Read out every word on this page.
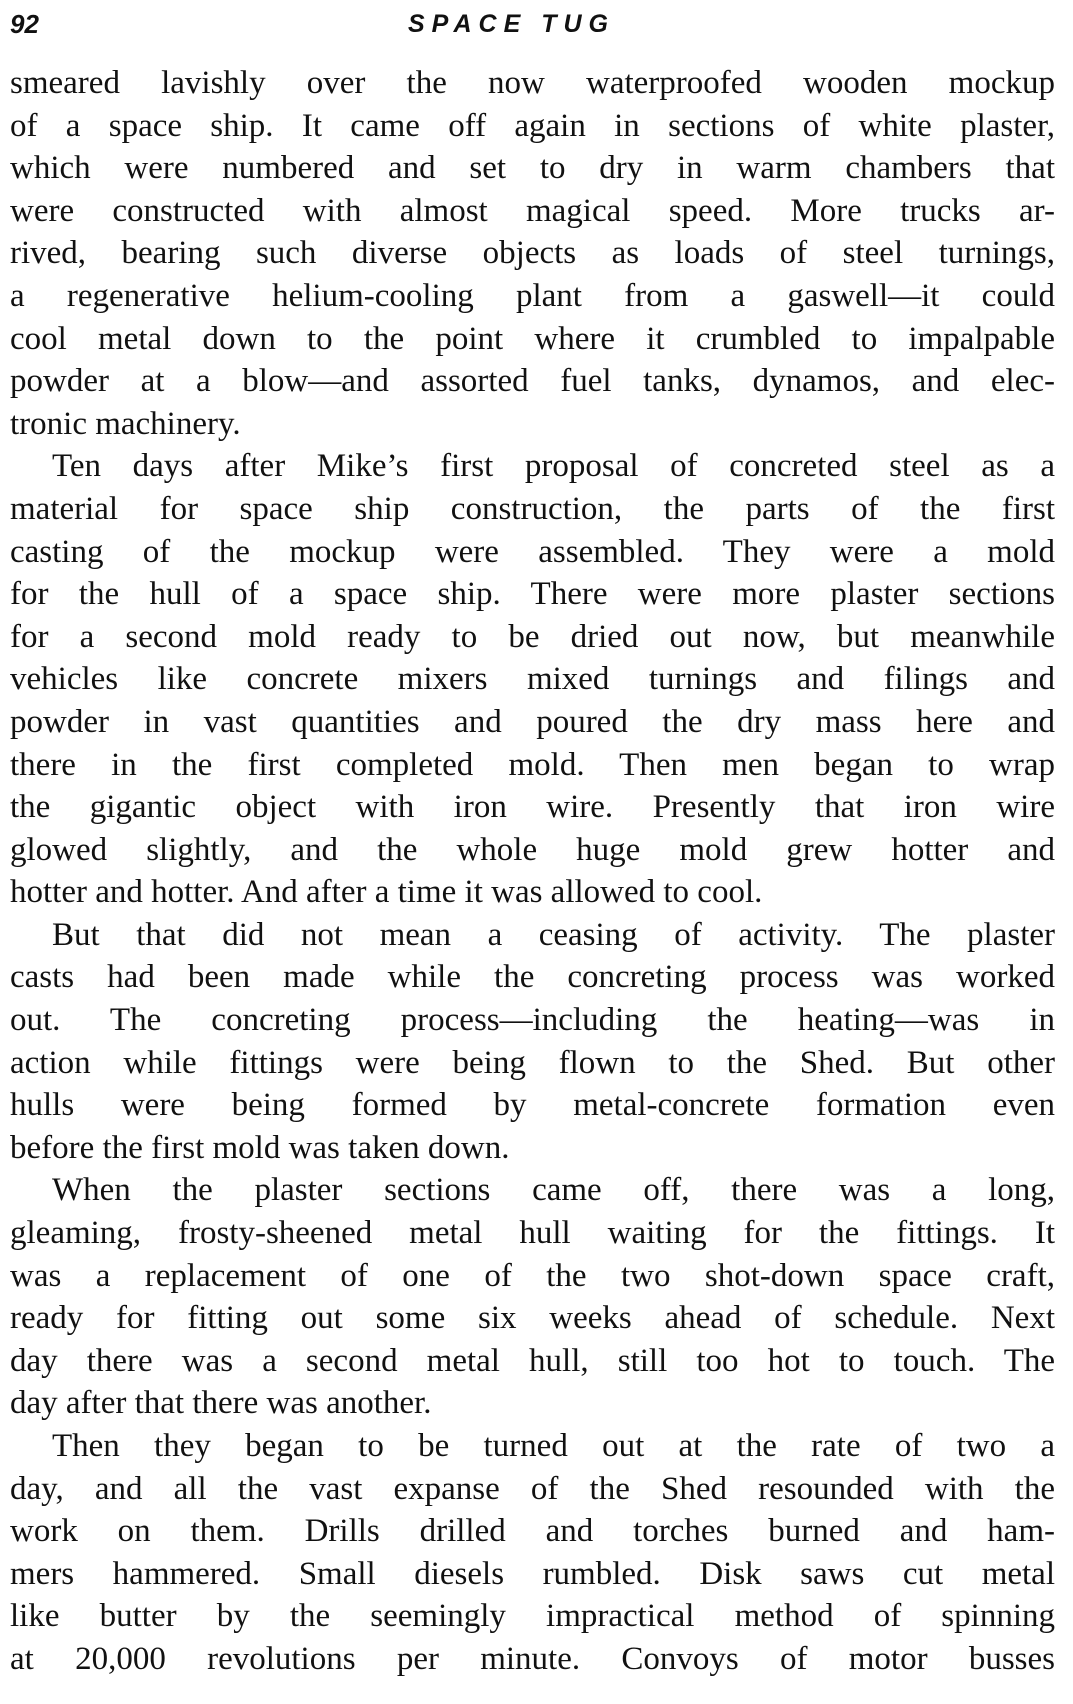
92	SPACE TUG
smeared lavishly over the now waterproofed wooden mockup
of a space ship. It came off again in sections of white plaster,
which were numbered and set to dry in warm chambers that
were constructed with almost magical speed. More trucks ar-
rived, bearing such diverse objects as loads of steel turnings,
a regenerative helium-cooling plant from a gaswell—it could
cool metal down to the point where it crumbled to impalpable
powder at a blow—and assorted fuel tanks, dynamos, and elec-
tronic machinery.
Ten days after Mike’s first proposal of concreted steel as a
material for space ship construction, the parts of the first
casting of the mockup were assembled. They were a mold
for the hull of a space ship. There were more plaster sections
for a second mold ready to be dried out now, but meanwhile
vehicles like concrete mixers mixed turnings and filings and
powder in vast quantities and poured the dry mass here and
there in the first completed mold. Then men began to wrap
the gigantic object with iron wire. Presently that iron wire
glowed slightly, and the whole huge mold grew hotter and
hotter and hotter. And after a time it was allowed to cool.
But that did not mean a ceasing of activity. The plaster
casts had been made while the concreting process was worked
out. The concreting process—including the heating—was in
action while fittings were being flown to the Shed. But other
hulls were being formed by metal-concrete formation even
before the first mold was taken down.
When the plaster sections came off, there was a long,
gleaming, frosty-sheened metal hull waiting for the fittings. It
was a replacement of one of the two shot-down space craft,
ready for fitting out some six weeks ahead of schedule. Next
day there was a second metal hull, still too hot to touch. The
day after that there was another.
Then they began to be turned out at the rate of two a
day, and all the vast expanse of the Shed resounded with the
work on them. Drills drilled and torches burned and ham-
mers hammered. Small diesels rumbled. Disk saws cut metal
like butter by the seemingly impractical method of spinning
at 20,000 revolutions per minute. Convoys of motor busses
